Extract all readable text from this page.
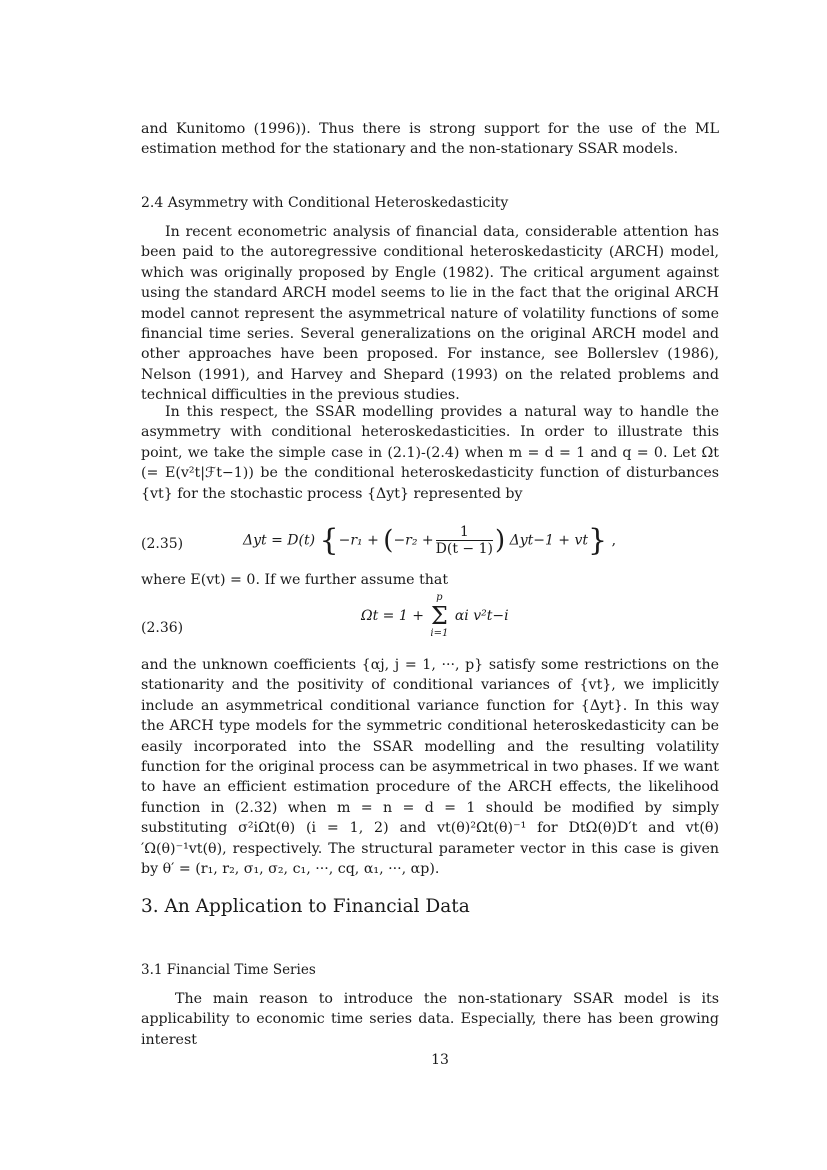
and Kunitomo (1996)). Thus there is strong support for the use of the ML estimation method for the stationary and the non-stationary SSAR models.
2.4 Asymmetry with Conditional Heteroskedasticity
In recent econometric analysis of financial data, considerable attention has been paid to the autoregressive conditional heteroskedasticity (ARCH) model, which was originally proposed by Engle (1982). The critical argument against using the standard ARCH model seems to lie in the fact that the original ARCH model cannot represent the asymmetrical nature of volatility functions of some financial time series. Several generalizations on the original ARCH model and other approaches have been proposed. For instance, see Bollerslev (1986), Nelson (1991), and Harvey and Shepard (1993) on the related problems and technical difficulties in the previous studies.
In this respect, the SSAR modelling provides a natural way to handle the asymmetry with conditional heteroskedasticities. In order to illustrate this point, we take the simple case in (2.1)-(2.4) when m = d = 1 and q = 0. Let Ωt (= E(v²t|ℱt−1)) be the conditional heteroskedasticity function of disturbances {vt} for the stochastic process {Δyt} represented by
(2.35)	Δyt = D(t) {$-r_1 + (-r_2 + \frac{1}{D(t - 1)}$ ) Δyt−1 + vt} ,
where E(vt) = 0. If we further assume that
(2.36)
Ωt = 1 +
p
Σ
i=1
αi v²t−i
and the unknown coefficients {αj, j = 1, ···, p} satisfy some restrictions on the stationarity and the positivity of conditional variances of {vt}, we implicitly include an asymmetrical conditional variance function for {Δyt}. In this way the ARCH type models for the symmetric conditional heteroskedasticity can be easily incorporated into the SSAR modelling and the resulting volatility function for the original process can be asymmetrical in two phases. If we want to have an efficient estimation procedure of the ARCH effects, the likelihood function in (2.32) when m = n = d = 1 should be modified by simply substituting σ²iΩt(θ) (i = 1, 2) and vt(θ)²Ωt(θ)⁻¹ for DtΩ(θ)D′t and vt(θ)′Ω(θ)⁻¹vt(θ), respectively. The structural parameter vector in this case is given by θ′ = (r₁, r₂, σ₁, σ₂, c₁, ···, cq, α₁, ···, αp).
3. An Application to Financial Data
3.1 Financial Time Series
The main reason to introduce the non-stationary SSAR model is its applicability to economic time series data. Especially, there has been growing interest
13
